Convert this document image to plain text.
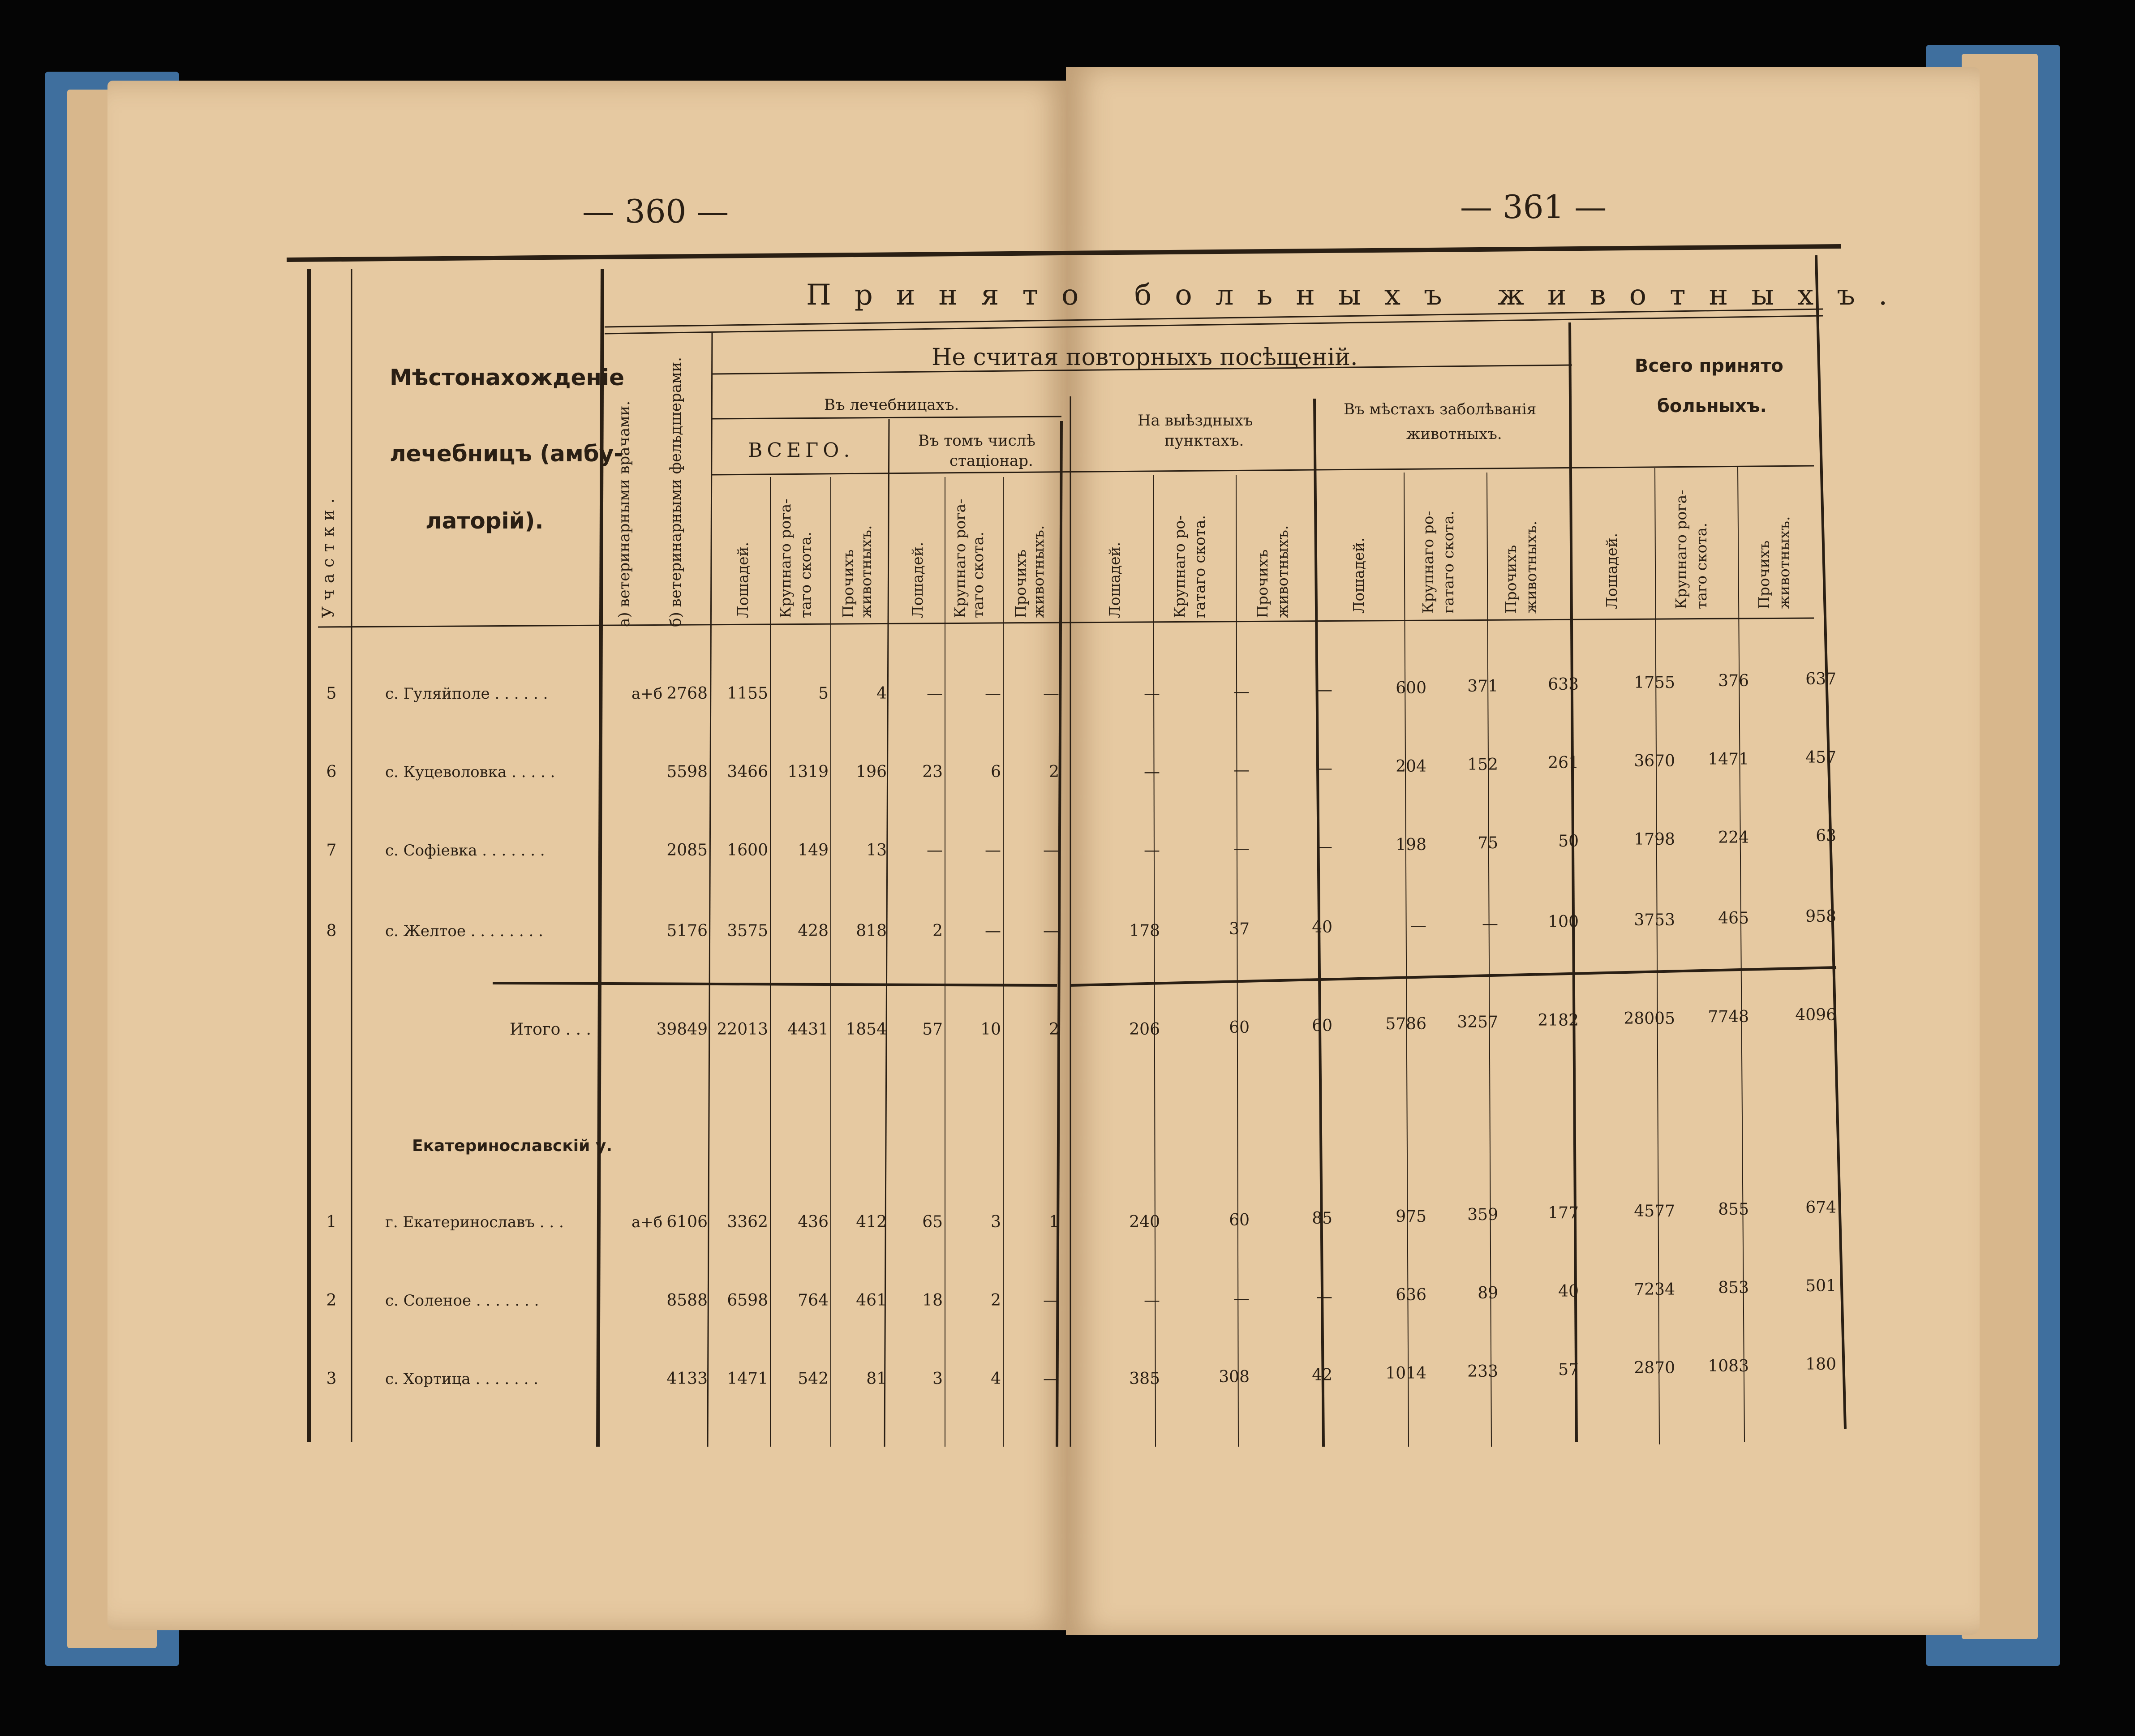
— 360 —	— 361 —
Принято больныхъ животныхъ.
Участки.
Мѣстонахожденіе
лечебницъ (амбу-
латорій).	а) ветеринарными врачами. б) ветеринарными фельдшерами.	Не считая повторныхъ посѣщеній.
Въ лечебницахъ.
ВСЕГО.	Въ томъ числѣ
стаціонар.
На выѣздныхъ
пунктахъ.
Въ мѣстахъ заболѣванія
животныхъ.
Всего принято
больныхъ.
Лошадей. Крупнаго рога- таго скота. Прочихъ животныхъ. Лошадей. Крупнаго рога- таго скота. Прочихъ животныхъ.	Лошадей.	Крупнаго ро- гатаго скота.	Прочихъ животныхъ.	Лошадей.	Крупнаго ро- гатаго скота.	Прочихъ животныхъ.	Лошадей.	Крупнаго рога- таго скота.	Прочихъ животныхъ.
5	с. Гуляйполе . . . . . .	а+б 2768 1155	5	4 —	—	—	—	—	—	600	371	633	1755	376	637
6	с. Куцеволовка . . . . .	5598 3466 1319 196 23	6	2	—	—	—	204	152	261	3670 1471	457
7	с. Софіевка . . . . . . .	2085 1600 149 13 —	—	—	—	—	—	198	75	50	1798	224	63
8	с. Желтое . . . . . . . .	5176 3575 428 818	2	—	—	178	37	40	—	—	100	3753	465	958
Итого . . .	39849 22013 4431 1854 57 10	2	206	60	60	5786 3257 2182	28005 7748	4096
1	г. Екатеринославъ . . .	а+б 6106 3362 436 412 65	3	1	240	60	85	975	359	177	4577	855	674
2	с. Соленое . . . . . . .	8588 6598 764 461 18	2	—	—	—	—	636	89	40	7234	853	501
3	с. Хортица . . . . . . .	4133 1471 542 81	3	4	—	385	308	42	1014	233	57	2870 1083	180
Екатеринославскій у.
